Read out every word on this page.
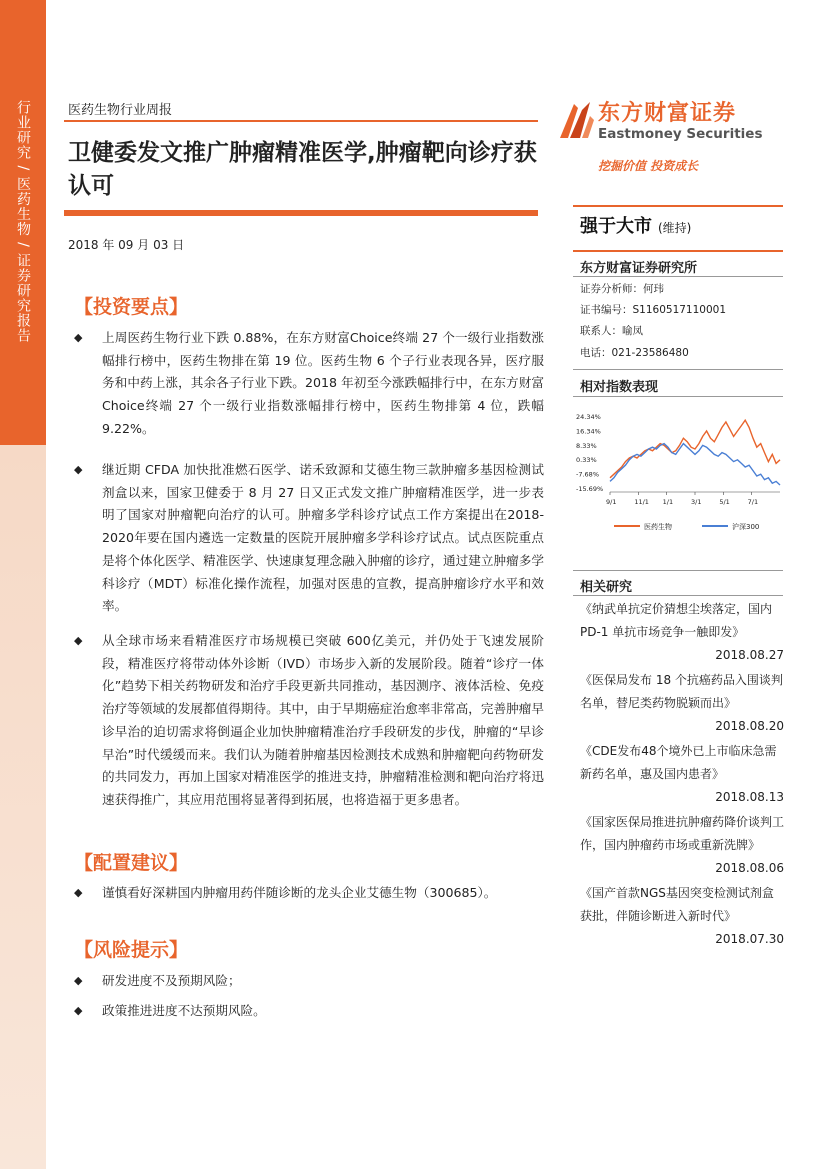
行业研究 / 医药生物 / 证券研究报告	医药生物行业周报
卫健委发文推广肿瘤精准医学,肿瘤靶向诊疗获认可
2018 年 09 月 03 日
东方财富证券
Eastmoney Securities
挖掘价值 投资成长
强于大市 (维持)
东方财富证券研究所
证券分析师：何玮
证书编号：S1160517110001
联系人：喻凤
电话：021-23586480
相对指数表现
24.34%
16.34%
8.33%
0.33%
-7.68%
-15.69%
9/1	11/1 1/1	3/1	5/1	7/1
医药生物	沪深300
相关研究
《纳武单抗定价猜想尘埃落定，国内PD-1 单抗市场竞争一触即发》
2018.08.27
《医保局发布 18 个抗癌药品入围谈判名单，替尼类药物脱颖而出》
2018.08.20
《CDE发布48个境外已上市临床急需新药名单，惠及国内患者》
2018.08.13
《国家医保局推进抗肿瘤药降价谈判工作，国内肿瘤药市场或重新洗牌》
2018.08.06
《国产首款NGS基因突变检测试剂盒获批，伴随诊断进入新时代》
2018.07.30
【投资要点】
◆ 上周医药生物行业下跌 0.88%，在东方财富Choice终端 27 个一级行业指数涨幅排行榜中，医药生物排在第 19 位。医药生物 6 个子行业表现各异，医疗服务和中药上涨，其余各子行业下跌。2018 年初至今涨跌幅排行中，在东方财富Choice终端 27 个一级行业指数涨幅排行榜中，医药生物排第 4 位，跌幅 9.22%。
◆ 继近期 CFDA 加快批准燃石医学、诺禾致源和艾德生物三款肿瘤多基因检测试剂盒以来，国家卫健委于 8 月 27 日又正式发文推广肿瘤精准医学，进一步表明了国家对肿瘤靶向治疗的认可。肿瘤多学科诊疗试点工作方案提出在2018-2020年要在国内遴选一定数量的医院开展肿瘤多学科诊疗试点。试点医院重点是将个体化医学、精准医学、快速康复理念融入肿瘤的诊疗，通过建立肿瘤多学科诊疗（MDT）标准化操作流程，加强对医患的宣教，提高肿瘤诊疗水平和效率。
◆ 从全球市场来看精准医疗市场规模已突破 600亿美元，并仍处于飞速发展阶段，精准医疗将带动体外诊断（IVD）市场步入新的发展阶段。随着“诊疗一体化”趋势下相关药物研发和治疗手段更新共同推动，基因测序、液体活检、免疫治疗等领域的发展都值得期待。其中，由于早期癌症治愈率非常高，完善肿瘤早诊早治的迫切需求将倒逼企业加快肿瘤精准治疗手段研发的步伐，肿瘤的“早诊早治”时代缓缓而来。我们认为随着肿瘤基因检测技术成熟和肿瘤靶向药物研发的共同发力，再加上国家对精准医学的推进支持，肿瘤精准检测和靶向治疗将迅速获得推广，其应用范围将显著得到拓展，也将造福于更多患者。
【配置建议】
◆ 谨慎看好深耕国内肿瘤用药伴随诊断的龙头企业艾德生物（300685）。
【风险提示】
◆ 研发进度不及预期风险；
◆ 政策推进进度不达预期风险。
